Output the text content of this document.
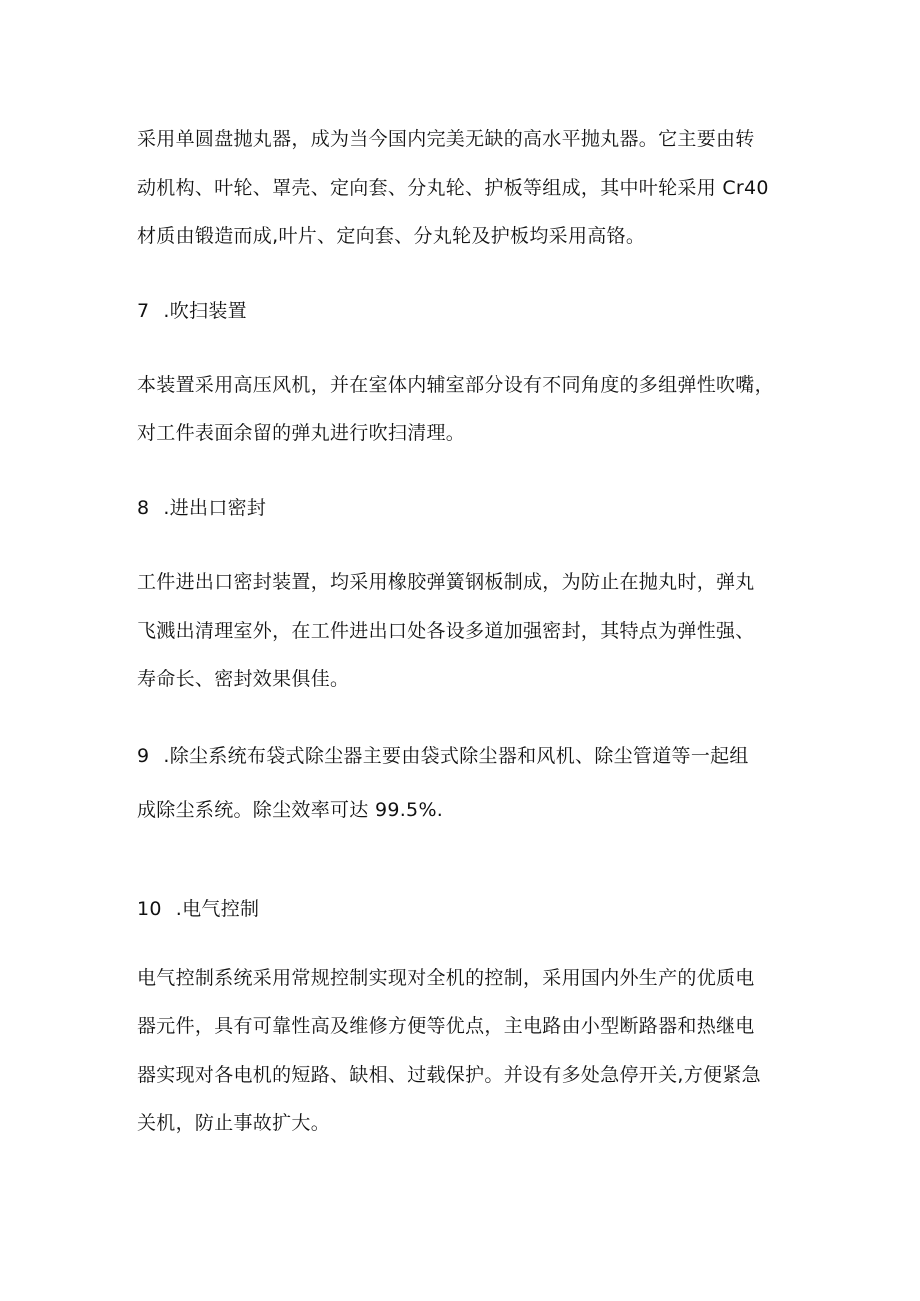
采用单圆盘抛丸器，成为当今国内完美无缺的高水平抛丸器。它主要由转
动机构、叶轮、罩壳、定向套、分丸轮、护板等组成，其中叶轮采用 Cr40
材质由锻造而成,叶片、定向套、分丸轮及护板均采用高铬。
7 .吹扫装置
本装置采用高压风机，并在室体内辅室部分设有不同角度的多组弹性吹嘴，
对工件表面余留的弹丸进行吹扫清理。
8 .进出口密封
工件进出口密封装置，均采用橡胶弹簧钢板制成，为防止在抛丸时，弹丸
飞溅出清理室外，在工件进出口处各设多道加强密封，其特点为弹性强、
寿命长、密封效果俱佳。
9 .除尘系统布袋式除尘器主要由袋式除尘器和风机、除尘管道等一起组
成除尘系统。除尘效率可达 99.5%.
10 .电气控制
电气控制系统采用常规控制实现对全机的控制，采用国内外生产的优质电
器元件，具有可靠性高及维修方便等优点，主电路由小型断路器和热继电
器实现对各电机的短路、缺相、过载保护。并设有多处急停开关,方便紧急
关机，防止事故扩大。
